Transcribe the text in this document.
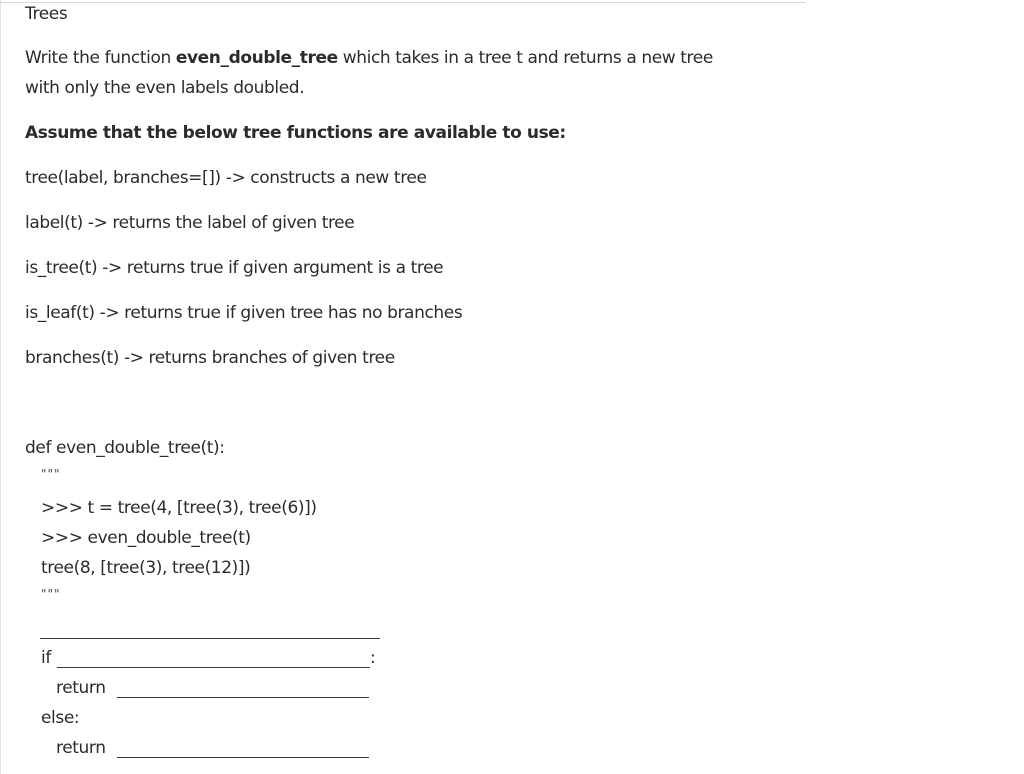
Trees
Write the function even_double_tree which takes in a tree t and returns a new tree
with only the even labels doubled.
Assume that the below tree functions are available to use:
tree(label, branches=[]) -> constructs a new tree
label(t) -> returns the label of given tree
is_tree(t) -> returns true if given argument is a tree
is_leaf(t) -> returns true if given tree has no branches
branches(t) -> returns branches of given tree
def even_double_tree(t):
"""
>>> t = tree(4, [tree(3), tree(6)])
>>> even_double_tree(t)
tree(8, [tree(3), tree(12)])
"""
if	:
return
else:
return
